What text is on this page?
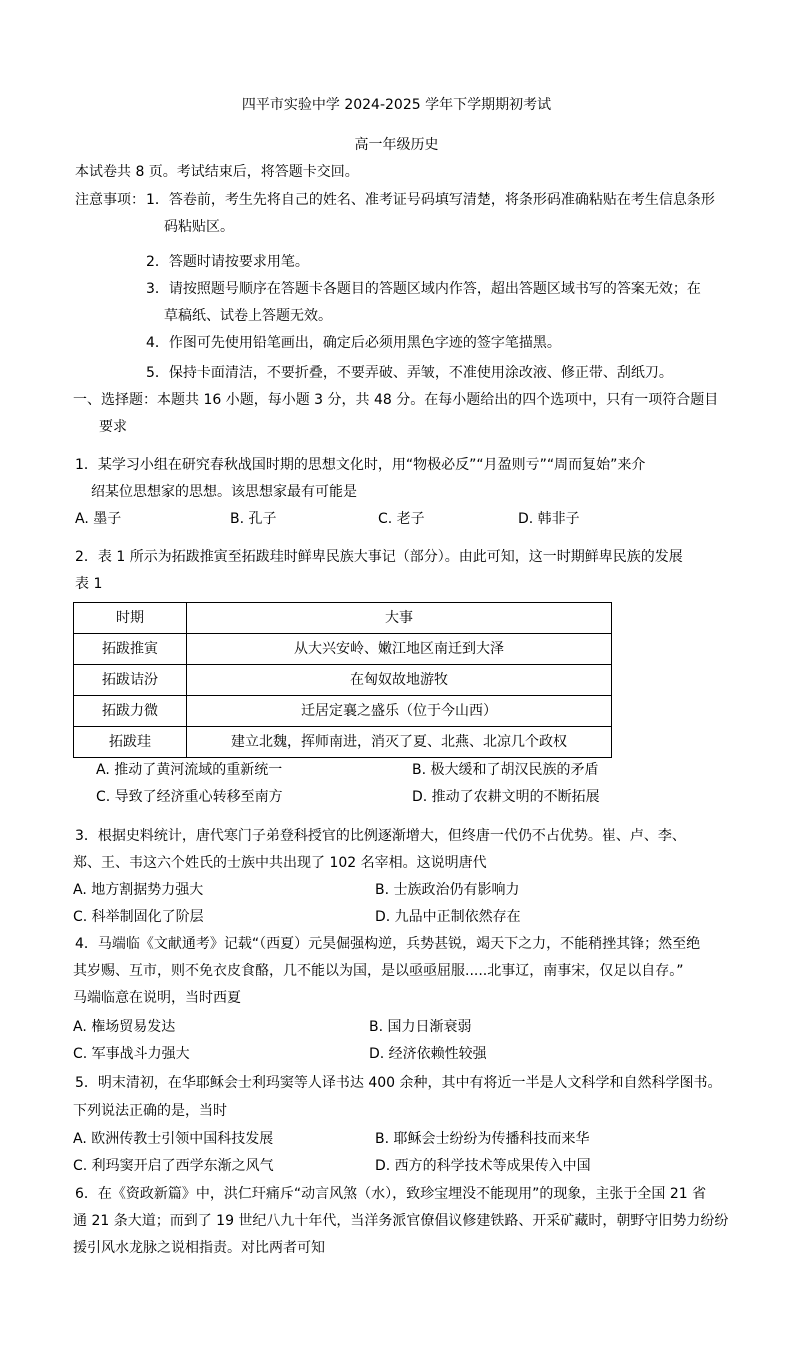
四平市实验中学 2024-2025 学年下学期期初考试
高一年级历史
本试卷共 8 页。考试结束后，将答题卡交回。
注意事项： 1．答卷前，考生先将自己的姓名、准考证号码填写清楚，将条形码准确粘贴在考生信息条形
码粘贴区。
2．答题时请按要求用笔。
3．请按照题号顺序在答题卡各题目的答题区域内作答，超出答题区域书写的答案无效；在
草稿纸、试卷上答题无效。
4．作图可先使用铅笔画出，确定后必须用黑色字迹的签字笔描黑。
5．保持卡面清洁，不要折叠，不要弄破、弄皱，不准使用涂改液、修正带、刮纸刀。
一、选择题：本题共 16 小题，每小题 3 分，共 48 分。在每小题给出的四个选项中，只有一项符合题目
要求
1．某学习小组在研究春秋战国时期的思想文化时，用“物极必反”“月盈则亏”“周而复始”来介
绍某位思想家的思想。该思想家最有可能是
A. 墨子	B. 孔子	C. 老子	D. 韩非子
2．表 1 所示为拓跋推寅至拓跋珪时鲜卑民族大事记（部分）。由此可知，这一时期鲜卑民族的发展
表 1
时期	大事
拓跋推寅	从大兴安岭、嫩江地区南迁到大泽
拓跋诘汾	在匈奴故地游牧
拓跋力微	迁居定襄之盛乐（位于今山西）
拓跋珪	建立北魏，挥师南进，消灭了夏、北燕、北凉几个政权
A. 推动了黄河流域的重新统一	B. 极大缓和了胡汉民族的矛盾
C. 导致了经济重心转移至南方	D. 推动了农耕文明的不断拓展
3．根据史料统计，唐代寒门子弟登科授官的比例逐渐增大，但终唐一代仍不占优势。崔、卢、李、
郑、王、韦这六个姓氏的士族中共出现了 102 名宰相。这说明唐代
A. 地方割据势力强大	B. 士族政治仍有影响力
C. 科举制固化了阶层	D. 九品中正制依然存在
4．马端临《文献通考》记载“（西夏）元昊倔强构逆，兵势甚锐，竭天下之力，不能稍挫其锋；然至绝
其岁赐、互市，则不免衣皮食酪，几不能以为国，是以亟亟屈服.....北事辽，南事宋，仅足以自存。”
马端临意在说明，当时西夏
A. 権场贸易发达	B. 国力日渐衰弱
C. 军事战斗力强大	D. 经济依赖性较强
5．明末清初，在华耶稣会士利玛窦等人译书达 400 余种，其中有将近一半是人文科学和自然科学图书。
下列说法正确的是，当时
A. 欧洲传教士引领中国科技发展	B. 耶稣会士纷纷为传播科技而来华
C. 利玛窦开启了西学东渐之风气	D. 西方的科学技术等成果传入中国
6．在《资政新篇》中，洪仁玕痛斥“动言风煞（水），致珍宝埋没不能现用”的现象，主张于全国 21 省
通 21 条大道；而到了 19 世纪八九十年代，当洋务派官僚倡议修建铁路、开采矿藏时，朝野守旧势力纷纷
援引风水龙脉之说相指责。对比两者可知
